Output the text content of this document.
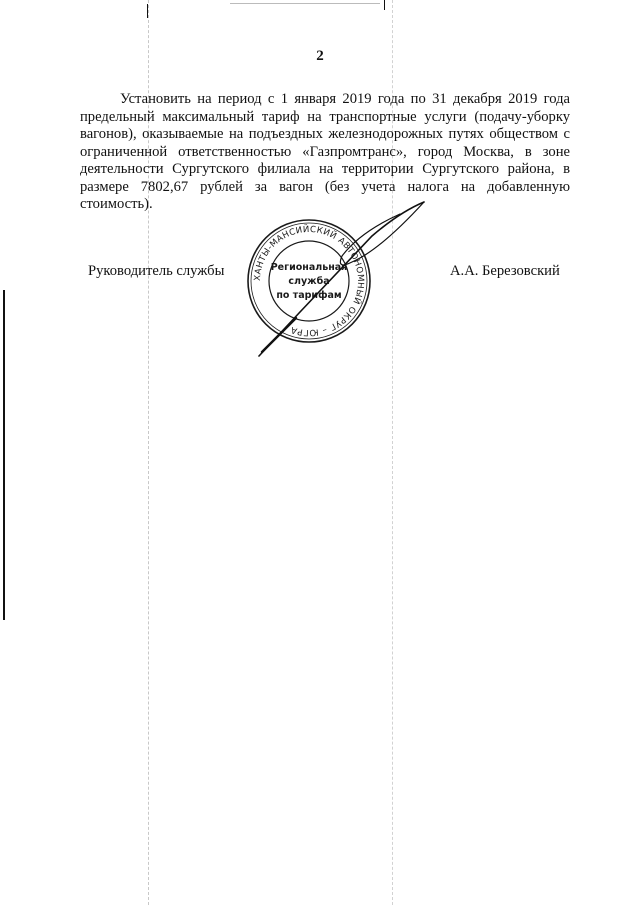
2

Установить на период с 1 января 2019 года по 31 декабря 2019 года предельный максимальный тариф на транспортные услуги (подачу-уборку вагонов), оказываемые на подъездных железнодорожных путях обществом с ограниченной ответственностью «Газпромтранс», город Москва, в зоне деятельности Сургутского филиала на территории Сургутского района, в размере 7802,67 рублей за вагон (без учета налога на добавленную стоимость).

Руководитель службы	А.А. Березовский
ХАНТЫ-МАНСИЙСКИЙ АВТОНОМНЫЙ ОКРУГ – ЮГРА
Региональная
служба
по тарифам
